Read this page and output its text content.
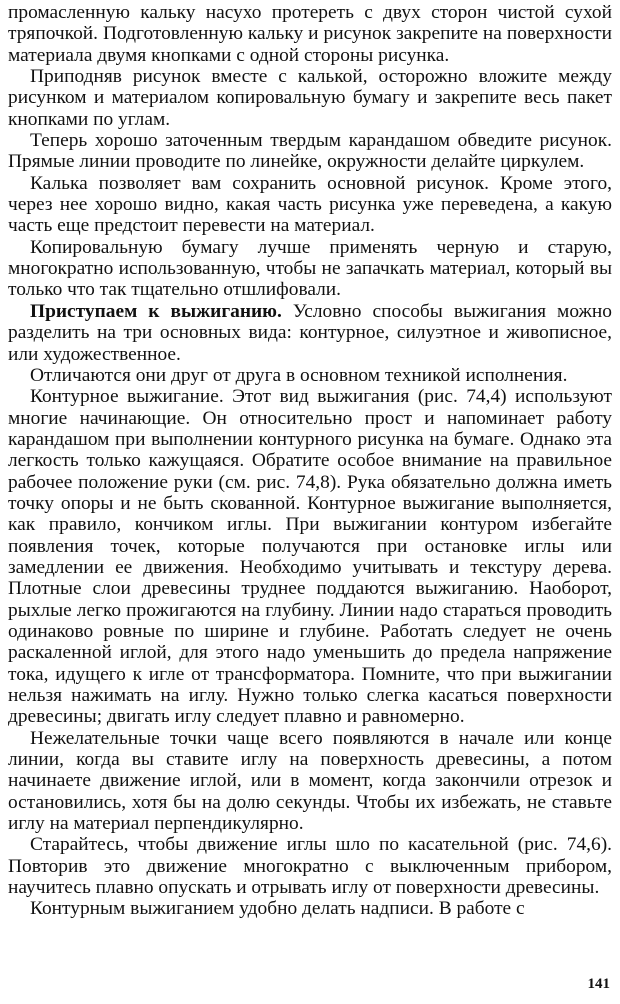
промасленную кальку насухо протереть с двух сторон чистой сухой тряпочкой. Подготовленную кальку и рисунок закрепите на поверхности материала двумя кнопками с одной стороны рисунка.

Приподняв рисунок вместе с калькой, осторожно вложите между рисунком и материалом копировальную бумагу и закрепите весь пакет кнопками по углам.

Теперь хорошо заточенным твердым карандашом обведите рисунок. Прямые линии проводите по линейке, окружности делайте циркулем.

Калька позволяет вам сохранить основной рисунок. Кроме этого, через нее хорошо видно, какая часть рисунка уже переведена, а какую часть еще предстоит перевести на материал.

Копировальную бумагу лучше применять черную и старую, многократно использованную, чтобы не запачкать материал, который вы только что так тщательно отшлифовали.

Приступаем к выжиганию. Условно способы выжигания можно разделить на три основных вида: контурное, силуэтное и живописное, или художественное.

Отличаются они друг от друга в основном техникой исполнения.

Контурное выжигание. Этот вид выжигания (рис. 74,4) используют многие начинающие. Он относительно прост и напоминает работу карандашом при выполнении контурного рисунка на бумаге. Однако эта легкость только кажущаяся. Обратите особое внимание на правильное рабочее положение руки (см. рис. 74,8). Рука обязательно должна иметь точку опоры и не быть скованной. Контурное выжигание выполняется, как правило, кончиком иглы. При выжигании контуром избегайте появления точек, которые получаются при остановке иглы или замедлении ее движения. Необходимо учитывать и текстуру дерева. Плотные слои древесины труднее поддаются выжиганию. Наоборот, рыхлые легко прожигаются на глубину. Линии надо стараться проводить одинаково ровные по ширине и глубине. Работать следует не очень раскаленной иглой, для этого надо уменьшить до предела напряжение тока, идущего к игле от трансформатора. Помните, что при выжигании нельзя нажимать на иглу. Нужно только слегка касаться поверхности древесины; двигать иглу следует плавно и равномерно.

Нежелательные точки чаще всего появляются в начале или конце линии, когда вы ставите иглу на поверхность древесины, а потом начинаете движение иглой, или в момент, когда закончили отрезок и остановились, хотя бы на долю секунды. Чтобы их избежать, не ставьте иглу на материал перпендикулярно.

Старайтесь, чтобы движение иглы шло по касательной (рис. 74,6). Повторив это движение многократно с выключенным прибором, научитесь плавно опускать и отрывать иглу от поверхности древесины.

Контурным выжиганием удобно делать надписи. В работе с

141
